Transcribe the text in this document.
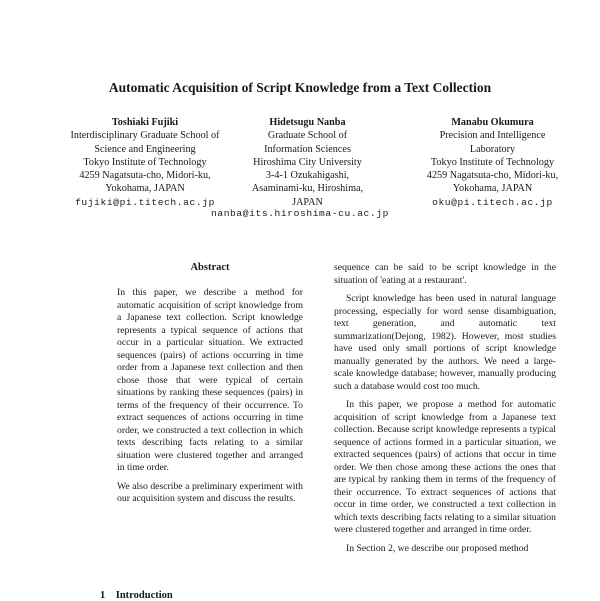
Automatic Acquisition of Script Knowledge from a Text Collection
Toshiaki Fujiki
Interdisciplinary Graduate School of
Science and Engineering
Tokyo Institute of Technology
4259 Nagatsuta-cho, Midori-ku,
Yokohama, JAPAN
fujiki@pi.titech.ac.jp
Hidetsugu Nanba
Graduate School of
Information Sciences
Hiroshima City University
3-4-1 Ozukahigashi,
Asaminami-ku, Hiroshima,
JAPAN
Manabu Okumura
Precision and Intelligence
Laboratory
Tokyo Institute of Technology
4259 Nagatsuta-cho, Midori-ku,
Yokohama, JAPAN
oku@pi.titech.ac.jp
nanba@its.hiroshima-cu.ac.jp
Abstract

In this paper, we describe a method for automatic acquisition of script knowledge from a Japanese text collection. Script knowledge represents a typical sequence of actions that occur in a particular situation. We extracted sequences (pairs) of actions occurring in time order from a Japanese text collection and then chose those that were typical of certain situations by ranking these sequences (pairs) in terms of the frequency of their occurrence. To extract sequences of actions occurring in time order, we constructed a text collection in which texts describing facts relating to a similar situation were clustered together and arranged in time order.

We also describe a preliminary experiment with our acquisition system and discuss the results.

1 Introduction

sequence can be said to be script knowledge in the situation of 'eating at a restaurant'.

Script knowledge has been used in natural language processing, especially for word sense disambiguation, text generation, and automatic text summarization(Dejong, 1982). However, most studies have used only small portions of script knowledge manually generated by the authors. We need a large-scale knowledge database; however, manually producing such a database would cost too much.

In this paper, we propose a method for automatic acquisition of script knowledge from a Japanese text collection. Because script knowledge represents a typical sequence of actions formed in a particular situation, we extracted sequences (pairs) of actions that occur in time order. We then chose among these actions the ones that are typical by ranking them in terms of the frequency of their occurrence. To extract sequences of actions that occur in time order, we constructed a text collection in which texts describing facts relating to a similar situation were clustered together and arranged in time order.

In Section 2, we describe our proposed method
